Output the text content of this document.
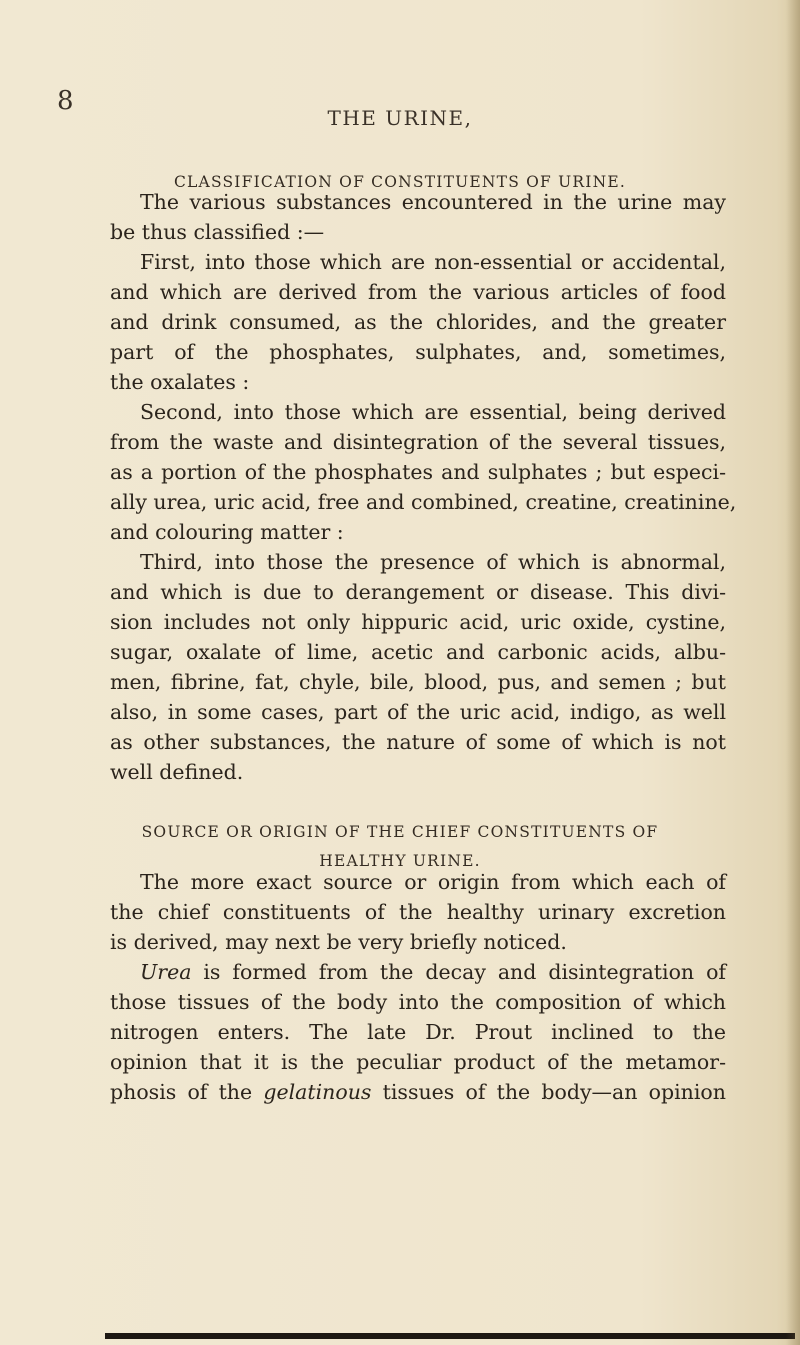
8
THE URINE,
CLASSIFICATION OF CONSTITUENTS OF URINE.
The various substances encountered in the urine may
be thus classified :—
First, into those which are non-essential or accidental,
and which are derived from the various articles of food
and drink consumed, as the chlorides, and the greater
part of the phosphates, sulphates, and, sometimes,
the oxalates :
Second, into those which are essential, being derived
from the waste and disintegration of the several tissues,
as a portion of the phosphates and sulphates ; but especi-
ally urea, uric acid, free and combined, creatine, creatinine,
and colouring matter :
Third, into those the presence of which is abnormal,
and which is due to derangement or disease. This divi-
sion includes not only hippuric acid, uric oxide, cystine,
sugar, oxalate of lime, acetic and carbonic acids, albu-
men, fibrine, fat, chyle, bile, blood, pus, and semen ; but
also, in some cases, part of the uric acid, indigo, as well
as other substances, the nature of some of which is not
well defined.
SOURCE OR ORIGIN OF THE CHIEF CONSTITUENTS OF
HEALTHY URINE.
The more exact source or origin from which each of
the chief constituents of the healthy urinary excretion
is derived, may next be very briefly noticed.
Urea is formed from the decay and disintegration of
those tissues of the body into the composition of which
nitrogen enters. The late Dr. Prout inclined to the
opinion that it is the peculiar product of the metamor-
phosis of the gelatinous tissues of the body—an opinion
